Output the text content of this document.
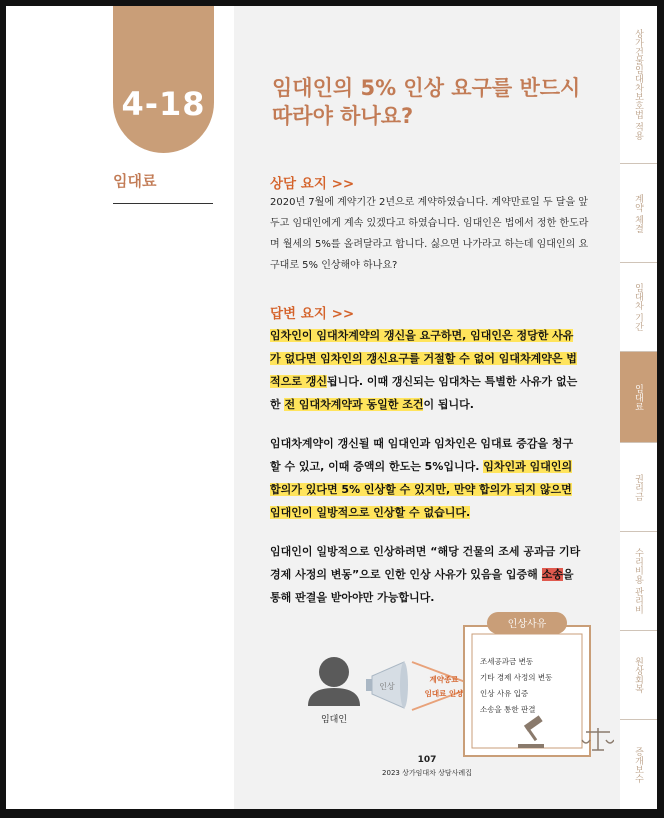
4-18
임대료
임대인의 5% 인상 요구를 반드시
따라야 하나요?
상담 요지 >>
2020년 7월에 계약기간 2년으로 계약하였습니다. 계약만료일 두 달을 앞
두고 임대인에게 계속 있겠다고 하였습니다. 임대인은 법에서 정한 한도라
며 월세의 5%를 올려달라고 합니다. 싫으면 나가라고 하는데 임대인의 요
구대로 5% 인상해야 하나요?
답변 요지 >>
임차인이 임대차계약의 갱신을 요구하면, 임대인은 정당한 사유
가 없다면 임차인의 갱신요구를 거절할 수 없어 임대차계약은 법
적으로 갱신됩니다. 이때 갱신되는 임대차는 특별한 사유가 없는
한 전 임대차계약과 동일한 조건이 됩니다.
임대차계약이 갱신될 때 임대인과 임차인은 임대료 증감을 청구
할 수 있고, 이때 증액의 한도는 5%입니다. 임차인과 임대인의
합의가 있다면 5% 인상할 수 있지만, 만약 합의가 되지 않으면
임대인이 일방적으로 인상할 수 없습니다.
임대인이 일방적으로 인상하려면 “해당 건물의 조세 공과금 기타
경제 사정의 변동”으로 인한 인상 사유가 있음을 입증해 소송을
통해 판결을 받아야만 가능합니다.
임대인
인상
계약종료
임대료 인상
인상사유
조세공과금 변동
기타 경제 사정의 변동
인상 사유 입증
소송을 통한 판결
107
2023 상가임대차 상담사례집
상가건물임대차보호법 적용
계약 체결
임대차 기간
임대료
권리금
수리비용 관리비
원상회복
증개보수
